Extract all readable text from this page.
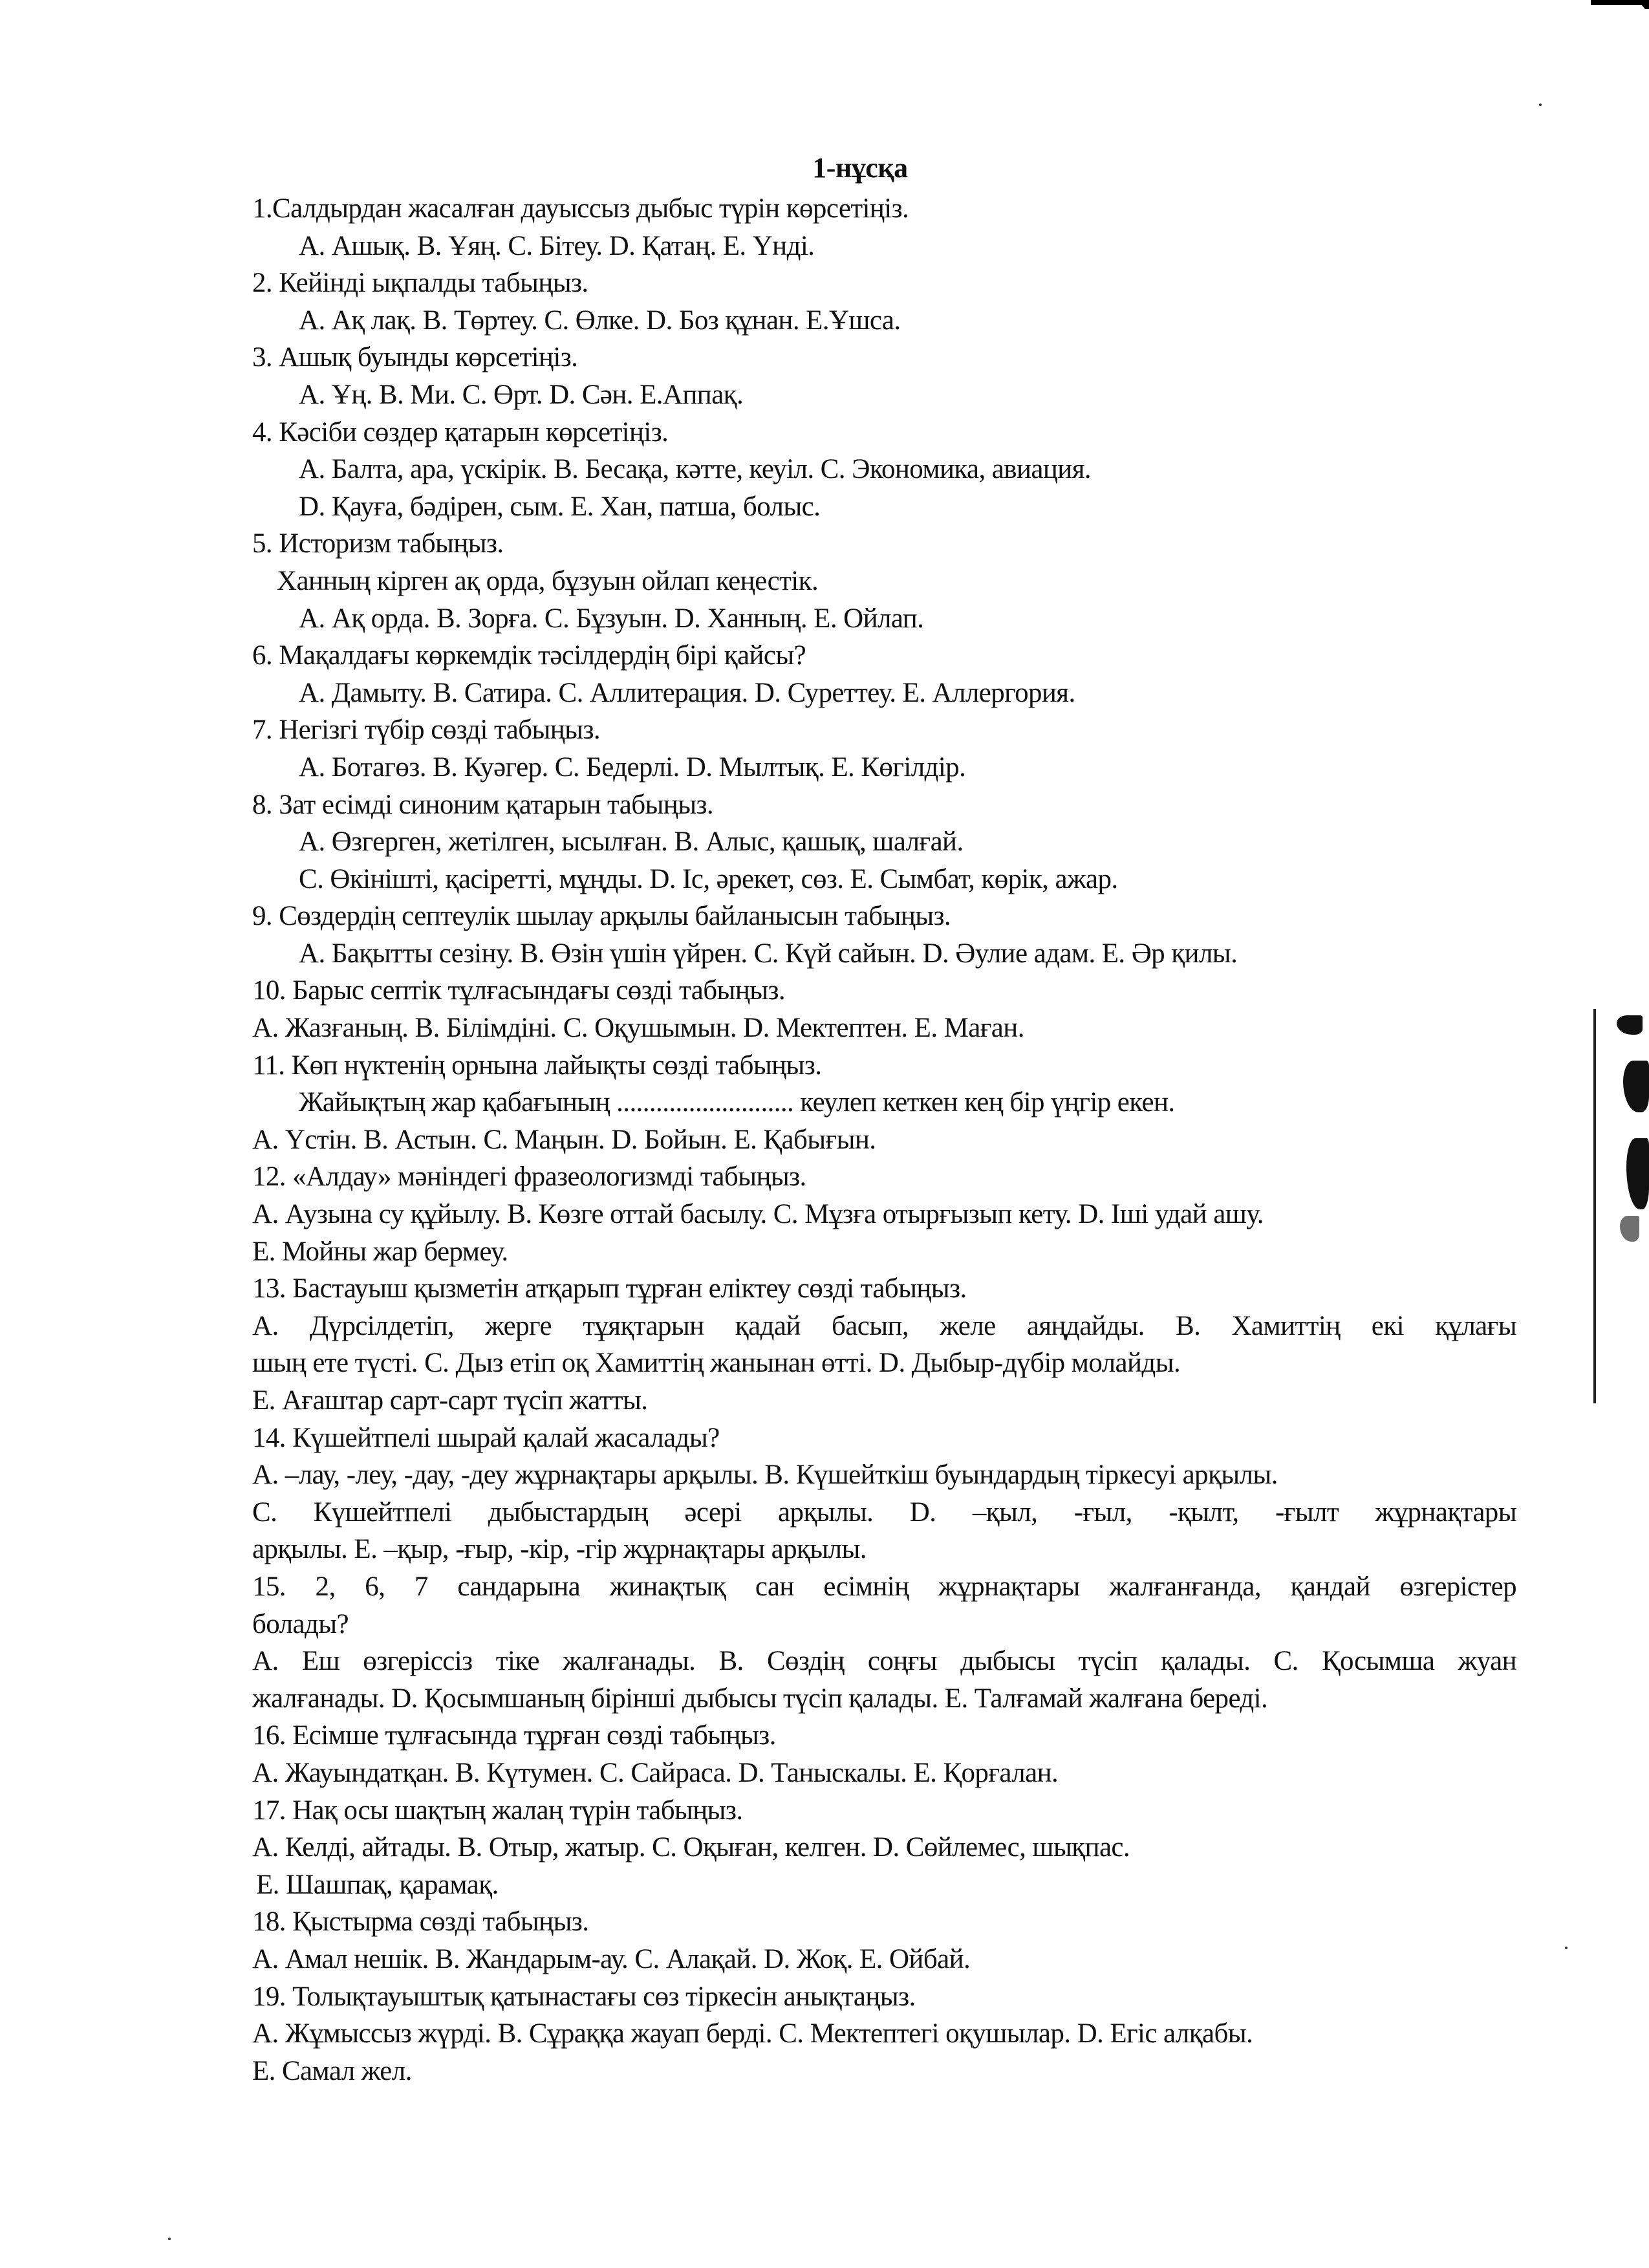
1-нұсқа
1.Салдырдан жасалған дауыссыз дыбыс түрін көрсетіңіз.
А. Ашық. В. Ұяң. С. Бітеу. D. Қатаң. Е. Үнді.
2. Кейінді ықпалды табыңыз.
А. Ақ лақ. В. Төртеу. С. Өлке. D. Боз құнан. Е.Ұшса.
3. Ашық буынды көрсетіңіз.
А. Ұң. В. Ми. С. Өрт. D. Сән. Е.Аппақ.
4. Кәсіби сөздер қатарын көрсетіңіз.
А. Балта, ара, үскірік. В. Бесақа, кәтте, кеуіл. С. Экономика, авиация.
D. Қауға, бәдірен, сым. Е. Хан, патша, болыс.
5. Историзм табыңыз.
Ханның кірген ақ орда, бұзуын ойлап кеңестік.
А. Ақ орда. В. Зорға. С. Бұзуын. D. Ханның. Е. Ойлап.
6. Мақалдағы көркемдік тәсілдердің бірі қайсы?
А. Дамыту. В. Сатира. С. Аллитерация. D. Суреттеу. Е. Аллергория.
7. Негізгі түбір сөзді табыңыз.
А. Ботагөз. В. Куәгер. С. Бедерлі. D. Мылтық. Е. Көгілдір.
8. Зат есімді синоним қатарын табыңыз.
А. Өзгерген, жетілген, ысылған. В. Алыс, қашық, шалғай.
С. Өкінішті, қасіретті, мұңды. D. Іс, әрекет, сөз. Е. Сымбат, көрік, ажар.
9. Сөздердің септеулік шылау арқылы байланысын табыңыз.
А. Бақытты сезіну. В. Өзін үшін үйрен. С. Күй сайын. D. Әулие адам. Е. Әр қилы.
10. Барыс септік тұлғасындағы сөзді табыңыз.
А. Жазғаның. В. Білімдіні. С. Оқушымын. D. Мектептен. Е. Маған.
11. Көп нүктенің орнына лайықты сөзді табыңыз.
Жайықтың жар қабағының ........................... кеулеп кеткен кең бір үңгір екен.
А. Үстін. В. Астын. С. Маңын. D. Бойын. Е. Қабығын.
12. «Алдау» мәніндегі фразеологизмді табыңыз.
А. Аузына су құйылу. В. Көзге оттай басылу. С. Мұзға отырғызып кету. D. Іші удай ашу.
Е. Мойны жар бермеу.
13. Бастауыш қызметін атқарып тұрған еліктеу сөзді табыңыз.
А. Дүрсілдетіп, жерге тұяқтарын қадай басып, желе аяңдайды. В. Хамиттің екі құлағы
шың ете түсті. С. Дыз етіп оқ Хамиттің жанынан өтті. D. Дыбыр-дүбір молайды.
Е. Ағаштар сарт-сарт түсіп жатты.
14. Күшейтпелі шырай қалай жасалады?
А. –лау, -леу, -дау, -деу жұрнақтары арқылы. В. Күшейткіш буындардың тіркесуі арқылы.
С. Күшейтпелі дыбыстардың әсері арқылы. D. –қыл, -ғыл, -қылт, -ғылт жұрнақтары
арқылы. Е. –қыр, -ғыр, -кір, -гір жұрнақтары арқылы.
15. 2, 6, 7 сандарына жинақтық сан есімнің жұрнақтары жалғанғанда, қандай өзгерістер
болады?
А. Еш өзгеріссіз тіке жалғанады. В. Сөздің соңғы дыбысы түсіп қалады. С. Қосымша жуан
жалғанады. D. Қосымшаның бірінші дыбысы түсіп қалады. Е. Талғамай жалғана береді.
16. Есімше тұлғасында тұрған сөзді табыңыз.
А. Жауындатқан. В. Күтумен. С. Сайраса. D. Таныскалы. Е. Қорғалан.
17. Нақ осы шақтың жалаң түрін табыңыз.
А. Келді, айтады. В. Отыр, жатыр. С. Оқыған, келген. D. Сөйлемес, шықпас.
Е. Шашпақ, қарамақ.
18. Қыстырма сөзді табыңыз.
А. Амал нешік. В. Жандарым-ау. С. Алақай. D. Жоқ. Е. Ойбай.
19. Толықтауыштық қатынастағы сөз тіркесін анықтаңыз.
А. Жұмыссыз жүрді. В. Сұраққа жауап берді. С. Мектептегі оқушылар. D. Егіс алқабы.
Е. Самал жел.
